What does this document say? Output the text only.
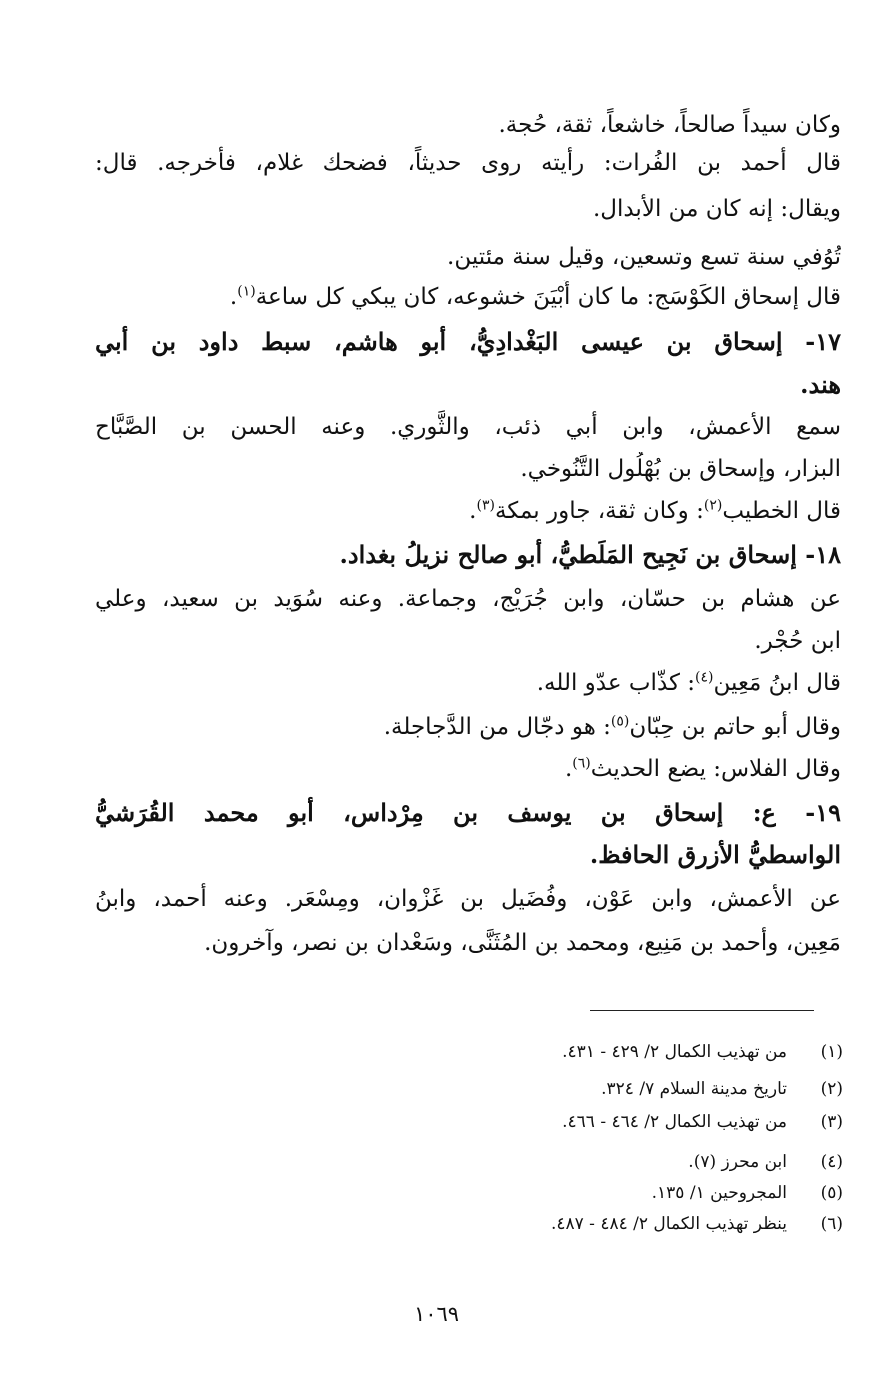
وكان سيداً صالحاً، خاشعاً، ثقة، حُجة.
قال أحمد بن الفُرات: رأيته روى حديثاً، فضحك غلام، فأخرجه. قال:
ويقال: إنه كان من الأبدال.
تُوُفي سنة تسع وتسعين، وقيل سنة مئتين.
قال إسحاق الكَوْسَج: ما كان أَبْيَنَ خشوعه، كان يبكي كل ساعة$^{(١)}$.
١٧- إسحاق بن عيسى البَغْدادِيُّ، أبو هاشم، سبط داود بن أبي
هند.
سمع الأعمش، وابن أبي ذئب، والثَّوري. وعنه الحسن بن الصَّبَّاح
البزار، وإسحاق بن بُهْلُول التَّنُوخي.
قال الخطيب$^{(٢)}$: وكان ثقة، جاور بمكة$^{(٣)}$.
١٨- إسحاق بن نَجِيح المَلَطيُّ، أبو صالح نزيلُ بغداد.
عن هشام بن حسّان، وابن جُرَيْج، وجماعة. وعنه سُوَيد بن سعيد، وعلي
ابن حُجْر.
قال ابنُ مَعِين$^{(٤)}$: كذّاب عدّو الله.
وقال أبو حاتم بن حِبّان$^{(٥)}$: هو دجّال من الدَّجاجلة.
وقال الفلاس: يضع الحديث$^{(٦)}$.
١٩- ع: إسحاق بن يوسف بن مِرْداس، أبو محمد القُرَشيُّ
الواسطيُّ الأزرق الحافظ.
عن الأعمش، وابن عَوْن، وفُضَيل بن غَزْوان، ومِسْعَر. وعنه أحمد، وابنُ
مَعِين، وأحمد بن مَنِيع، ومحمد بن المُثَنَّى، وسَعْدان بن نصر، وآخرون.
(١)من تهذيب الكمال ٢/ ٤٢٩ - ٤٣١.
(٢)تاريخ مدينة السلام ٧/ ٣٢٤.
(٣)من تهذيب الكمال ٢/ ٤٦٤ - ٤٦٦.
(٤)ابن محرز (٧).
(٥)المجروحين ١/ ١٣٥.
(٦)ينظر تهذيب الكمال ٢/ ٤٨٤ - ٤٨٧.
١٠٦٩
